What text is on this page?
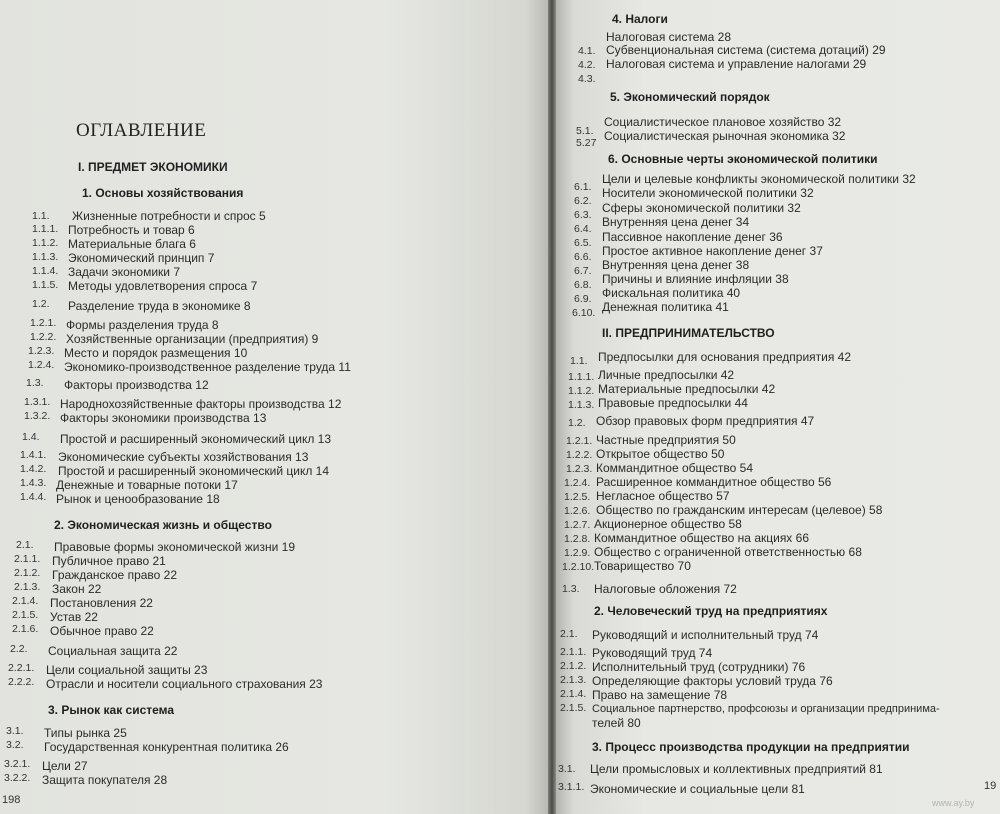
ОГЛАВЛЕНИЕ
I. ПРЕДМЕТ ЭКОНОМИКИ
1. Основы хозяйствования
1.1. Жизненные потребности и спрос 5
1.1.1. Потребность и товар 6
1.1.2. Материальные блага 6
1.1.3. Экономический принцип 7
1.1.4. Задачи экономики 7
1.1.5. Методы удовлетворения спроса 7
1.2. Разделение труда в экономике 8
1.2.1. Формы разделения труда 8
1.2.2. Хозяйственные организации (предприятия) 9
1.2.3. Место и порядок размещения 10
1.2.4. Экономико-производственное разделение труда 11
1.3. Факторы производства 12
1.3.1. Народнохозяйственные факторы производства 12
1.3.2. Факторы экономики производства 13
1.4. Простой и расширенный экономический цикл 13
1.4.1. Экономические субъекты хозяйствования 13
1.4.2. Простой и расширенный экономический цикл 14
1.4.3. Денежные и товарные потоки 17
1.4.4. Рынок и ценообразование 18
2. Экономическая жизнь и общество
2.1. Правовые формы экономической жизни 19
2.1.1. Публичное право 21
2.1.2. Гражданское право 22
2.1.3. Закон 22
2.1.4. Постановления 22
2.1.5. Устав 22
2.1.6. Обычное право 22
2.2. Социальная защита 22
2.2.1. Цели социальной защиты 23
2.2.2. Отрасли и носители социального страхования 23
3. Рынок как система
3.1. Типы рынка 25
3.2. Государственная конкурентная политика 26
3.2.1. Цели 27
3.2.2. Защита покупателя 28
198
4. Налоги
Налоговая система 28
4.1. Субвенциональная система (система дотаций) 29
4.2. Налоговая система и управление налогами 29
4.3.
5. Экономический порядок
5.1.
Социалистическое плановое хозяйство 32
5.27 Социалистическая рыночная экономика 32
6. Основные черты экономической политики
6.1.
Цели и целевые конфликты экономической политики 32
6.2.
Носители экономической политики 32
6.3. Сферы экономической политики 32
6.4. Внутренняя цена денег 34
6.5. Пассивное накопление денег 36
6.6. Простое активное накопление денег 37
6.7. Внутренняя цена денег 38
6.8. Причины и влияние инфляции 38
6.9. Фискальная политика 40
6.10. Денежная политика 41
II. ПРЕДПРИНИМАТЕЛЬСТВО
1.1. Предпосылки для основания предприятия 42
1.1.1. Личные предпосылки 42
1.1.2. Материальные предпосылки 42
1.1.3. Правовые предпосылки 44
1.2. Обзор правовых форм предприятия 47
1.2.1. Частные предприятия 50
1.2.2. Открытое общество 50
1.2.3. Коммандитное общество 54
1.2.4. Расширенное коммандитное общество 56
1.2.5. Негласное общество 57
1.2.6. Общество по гражданским интересам (целевое) 58
1.2.7. Акционерное общество 58
1.2.8. Коммандитное общество на акциях 66
1.2.9. Общество с ограниченной ответственностью 68
1.2.10. Товарищество 70
1.3. Налоговые обложения 72
2. Человеческий труд на предприятиях
2.1. Руководящий и исполнительный труд 74
2.1.1. Руководящий труд 74
2.1.2. Исполнительный труд (сотрудники) 76
2.1.3. Определяющие факторы условий труда 76
2.1.4. Право на замещение 78
2.1.5. Социальное партнерство, профсоюзы и организации предпринима-
телей 80
3. Процесс производства продукции на предприятии
3.1. Цели промысловых и коллективных предприятий 81
3.1.1. Экономические и социальные цели 81	19
www.ay.by
